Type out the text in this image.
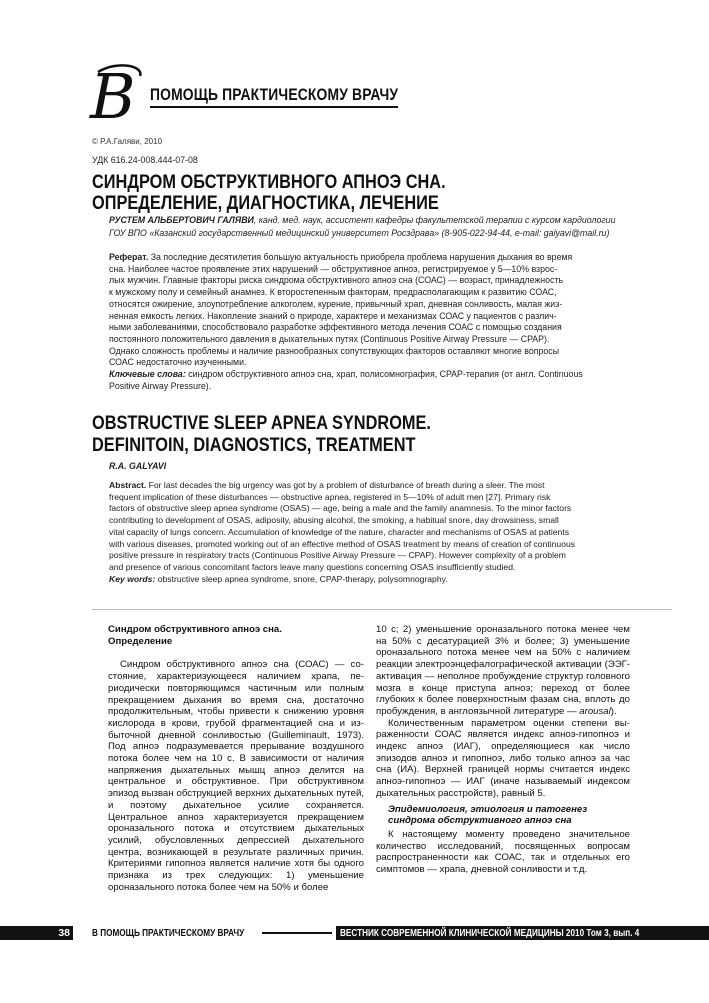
В ПОМОЩЬ ПРАКТИЧЕСКОМУ ВРАЧУ
© Р.А.Галяви, 2010
УДК 616.24-008.444-07-08
СИНДРОМ ОБСТРУКТИВНОГО АПНОЭ СНА.
ОПРЕДЕЛЕНИЕ, ДИАГНОСТИКА, ЛЕЧЕНИЕ
РУСТЕМ АЛЬБЕРТОВИЧ ГАЛЯВИ, канд. мед. наук, ассистент кафедры факультетской терапии с курсом кардиологии
ГОУ ВПО «Казанский государственный медицинский университет Росздрава» (8-905-022-94-44, e-mail: galyavi@mail.ru)

Реферат. За последние десятилетия большую актуальность приобрела проблема нарушения дыхания во время

сна. Наиболее частое проявление этих нарушений — обструктивное апноэ, регистрируемое у 5—10% взрос-

лых мужчин. Главные факторы риска синдрома обструктивного апноэ сна (СОАС) — возраст, принадлежность

к мужскому полу и семейный анамнез. К второстепенным факторам, предрасполагающим к развитию СОАС,

относятся ожирение, злоупотребление алкоголем, курение, привычный храп, дневная сонливость, малая жиз-

ненная емкость легких. Накопление знаний о природе, характере и механизмах СОАС у пациентов с различ-

ными заболеваниями, способствовало разработке эффективного метода лечения СОАС с помощью создания

постоянного положительного давления в дыхательных путях (Continuous Positive Airway Pressure — CPAP).

Однако сложность проблемы и наличие разнообразных сопутствующих факторов оставляют многие вопросы

СОАС недостаточно изученными.

Ключевые слова: синдром обструктивного апноэ сна, храп, полисомнография, CPAP-терапия (от англ. Continuous

Positive Airway Pressure).

OBSTRUCTIVE SLEEP APNEA SYNDROME.
DEFINITOIN, DIAGNOSTICS, TREATMENT
R.A. GALYAVI

Abstract. For last decades the big urgency was got by a problem of disturbance of breath during a sleer. The most

frequent implication of these disturbances — obstructive apnea, registered in 5—10% of adult men [27]. Primary risk

factors of obstructive sleep apnea syndrome (OSAS) — age, being a male and the family anamnesis. To the minor factors

contributing to development of OSAS, adiposity, abusing alcohol, the smoking, a habitual snore, day drowsiness, small

vital capacity of lungs concern. Accumulation of knowledge of the nature, character and mechanisms of OSAS at patients

with various diseases, promoted working out of an effective method of OSAS treatment by means of creation of continuous

positive pressure in respiratory tracts (Continuous Positive Airway Pressure — CPAP). However complexity of a problem

and presence of various concomitant factors leave many questions concerning OSAS insufficiently studied.

Key words: obstructive sleep apnea syndrome, snore, CPAP-therapy, polysomnography.

Синдром обструктивного апноэ сна.
Определение

Синдром обструктивного апноэ сна (СОАС) — состояние, характеризующееся наличием храпа, периодически повторяющимся частичным или полным прекращением дыхания во время сна, достаточно продолжительным, чтобы привести к снижению уровня кислорода в крови, грубой фрагментацией сна и избыточной дневной сонливостью (Guilleminault, 1973). Под апноэ подразумевается прерывание воздушного потока более чем на 10 с. В зависимости от наличия напряжения дыхательных мышц апноэ делится на центральное и обструктивное. При обструктивном эпизод вызван обструкцией верхних дыхательных путей, и поэтому дыхательное усилие сохраняется. Центральное апноэ характеризуется прекращением ороназального потока и отсутствием дыхательных усилий, обусловленных депрессией дыхательного центра, возникающей в результате различных причин. Критериями гипопноэ является наличие хотя бы одного признака из трех следующих: 1) уменьшение ороназального потока более чем на 50% и более

10 с; 2) уменьшение ороназального потока менее чем на 50% с десатурацией 3% и более; 3) уменьшение ороназального потока менее чем на 50% с наличием реакции электроэнцефалографической активации (ЭЭГ-активация — неполное пробуждение структур головного мозга в конце приступа апноэ; переход от более глубоких к более поверхностным фазам сна, вплоть до пробуждения, в англоязычной литературе — arousal).

Количественным параметром оценки степени выраженности СОАС является индекс апноэ-гипопноэ и индекс апноэ (ИАГ), определяющиеся как число эпизодов апноэ и гипопноэ, либо только апноэ за час сна (ИА). Верхней границей нормы считается индекс апноэ-гипопноэ — ИАГ (иначе называемый индексом дыхательных расстройств), равный 5.

Эпидемиология, этиология и патогенез
синдрома обструктивного апноэ сна

К настоящему моменту проведено значительное количество исследований, посвященных вопросам распространенности как СОАС, так и отдельных его симптомов — храпа, дневной сонливости и т.д.

38 В ПОМОЩЬ ПРАКТИЧЕСКОМУ ВРАЧУ	ВЕСТНИК СОВРЕМЕННОЙ КЛИНИЧЕСКОЙ МЕДИЦИНЫ 2010 Том 3, вып. 4
